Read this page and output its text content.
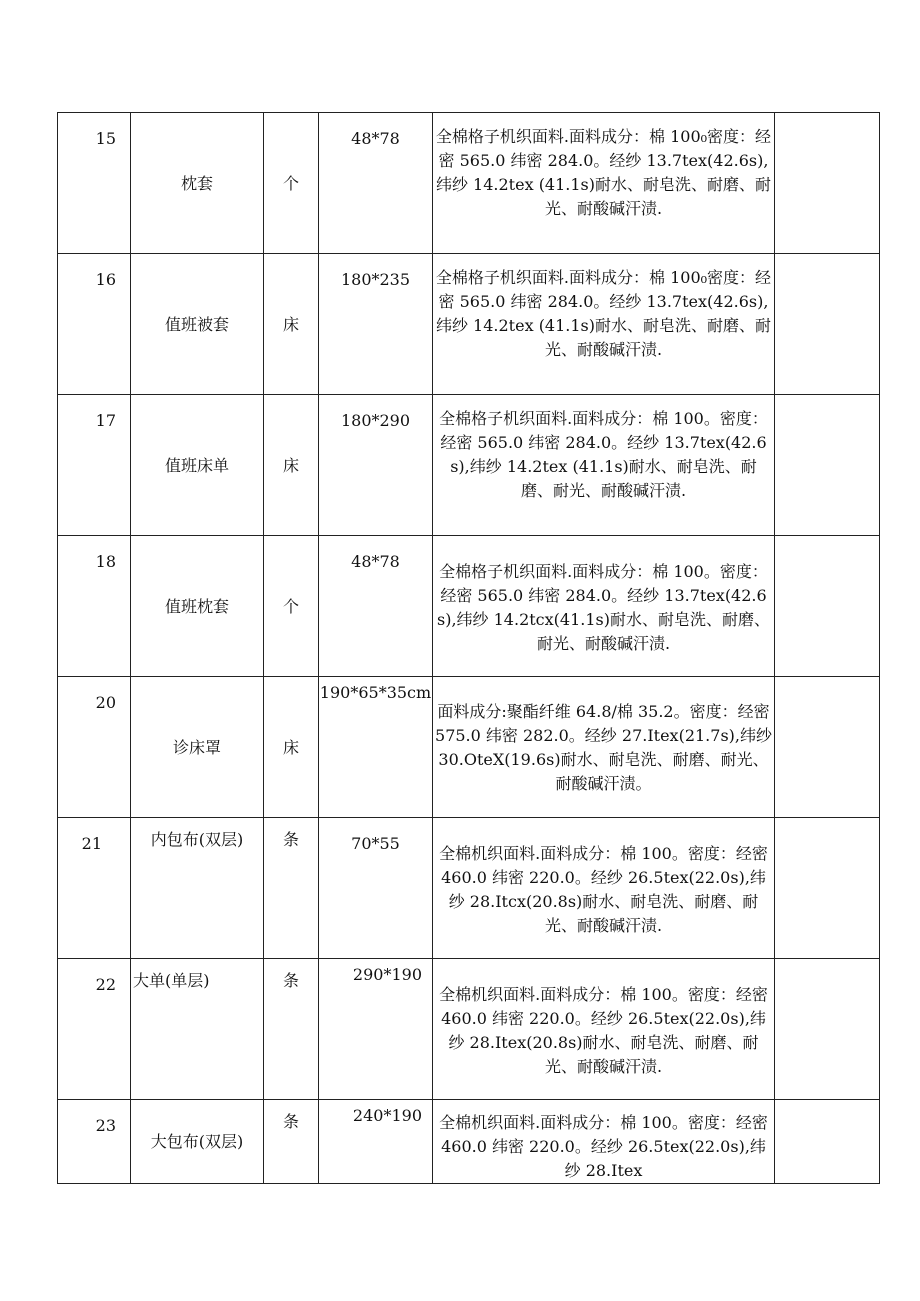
15	枕套	个	48*78	全棉格子机织面料.面料成分：棉 100₀密度：经密 565.0 纬密 284.0。经纱 13.7tex(42.6s),纬纱 14.2tex (41.1s)耐水、耐皂洗、耐磨、耐光、耐酸碱汗渍.	

16	值班被套	床	180*235	全棉格子机织面料.面料成分：棉 100₀密度：经密 565.0 纬密 284.0。经纱 13.7tex(42.6s),纬纱 14.2tex (41.1s)耐水、耐皂洗、耐磨、耐光、耐酸碱汗渍.	

17	值班床单	床	180*290	全棉格子机织面料.面料成分：棉 100。密度：经密 565.0 纬密 284.0。经纱 13.7tex(42.6s),纬纱 14.2tex (41.1s)耐水、耐皂洗、耐磨、耐光、耐酸碱汗渍.	

18	值班枕套	个	48*78	全棉格子机织面料.面料成分：棉 100。密度：经密 565.0 纬密 284.0。经纱 13.7tex(42.6s),纬纱 14.2tcx(41.1s)耐水、耐皂洗、耐磨、耐光、耐酸碱汗渍.	

20	诊床罩	床	190*65*35cm	面料成分:聚酯纤维 64.8/棉 35.2。密度：经密 575.0 纬密 282.0。经纱 27.Itex(21.7s),纬纱 30.OteX(19.6s)耐水、耐皂洗、耐磨、耐光、耐酸碱汗渍。	

21	内包布(双层)	条	70*55	全棉机织面料.面料成分：棉 100。密度：经密 460.0 纬密 220.0。经纱 26.5tex(22.0s),纬纱 28.Itcx(20.8s)耐水、耐皂洗、耐磨、耐光、耐酸碱汗渍.	

22	大单(单层)	条	290*190	全棉机织面料.面料成分：棉 100。密度：经密 460.0 纬密 220.0。经纱 26.5tex(22.0s),纬纱 28.Itex(20.8s)耐水、耐皂洗、耐磨、耐光、耐酸碱汗渍.	

23	大包布(双层)	条	240*190	全棉机织面料.面料成分：棉 100。密度：经密 460.0 纬密 220.0。经纱 26.5tex(22.0s),纬纱 28.Itex	
